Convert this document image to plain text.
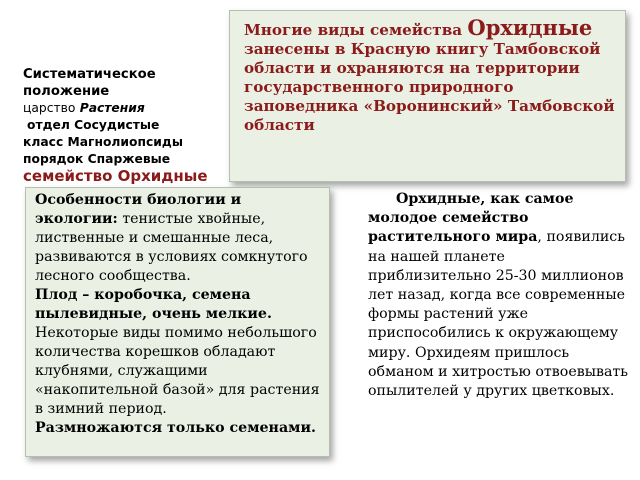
Многие виды семейства Орхидные занесены в Красную книгу Тамбовской области и охраняются на территории государственного природного заповедника «Воронинский» Тамбовской области
Систематическое положение
царство Растения
отдел Сосудистые
класс Магнолиопсиды
порядок Спаржевые
семейство Орхидные
Особенности биологии и экологии: тенистые хвойные, лиственные и смешанные леса, развиваются в условиях сомкнутого лесного сообщества.
Плод – коробочка, семена пылевидные, очень мелкие.
Некоторые виды помимо небольшого количества корешков обладают клубнями, служащими «накопительной базой» для растения в зимний период.
Размножаются только семенами.
Орхидные, как самое молодое семейство растительного мира, появились на нашей планете приблизительно 25-30 миллионов лет назад, когда все современные формы растений уже приспособились к окружающему миру. Орхидеям пришлось обманом и хитростью отвоевывать опылителей у других цветковых.
